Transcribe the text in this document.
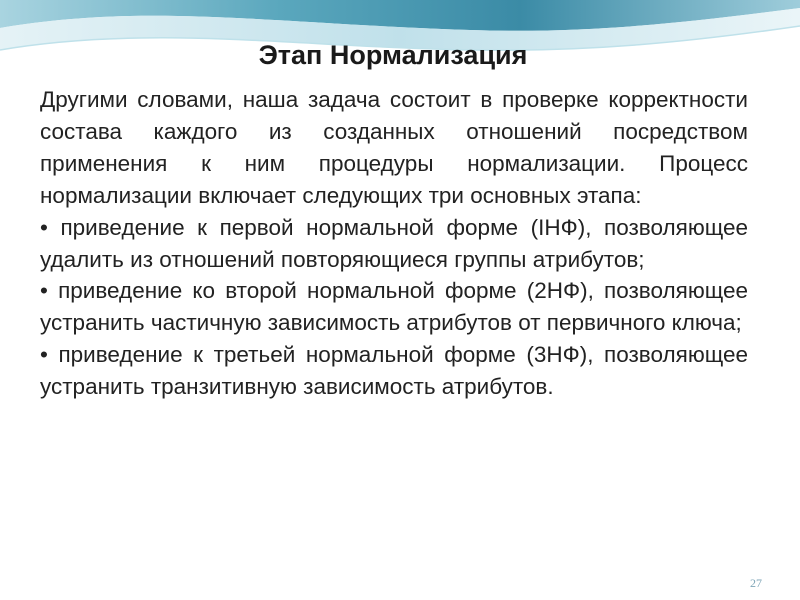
Этап Нормализация

Другими словами, наша задача состоит в проверке корректности состава каждого из созданных отношений посредством применения к ним процедуры нормализации. Процесс нормализации включает следующих три основных этапа:

• приведение к первой нормальной форме (IНФ), позволяющее удалить из отношений повторяющиеся группы атрибутов;

• приведение ко второй нормальной форме (2НФ), позволяющее устранить частичную зависимость атрибутов от первичного ключа;

• приведение к третьей нормальной форме (3НФ), позволяющее устранить транзитивную зависимость атрибутов.

27
